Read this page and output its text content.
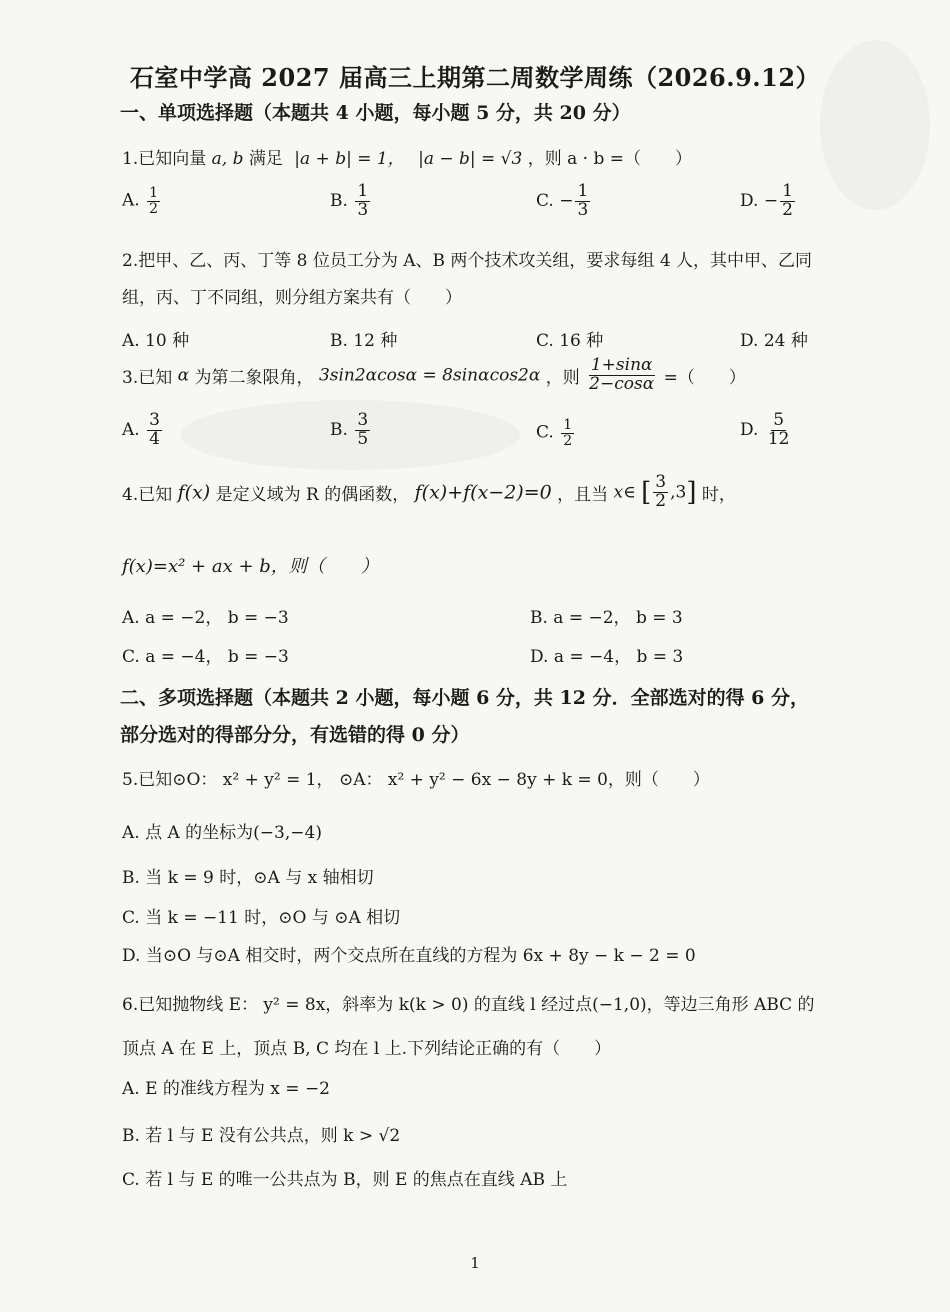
石室中学高 2027 届高三上期第二周数学周练（2026.9.12）
一、单项选择题（本题共 4 小题，每小题 5 分，共 20 分）
1.已知向量 a, b 满足 |a + b| = 1， |a − b| = √3 ，则 a · b =（　　）
A. $\frac{1}{2}$	B. $\frac{1}{3}$	C. − $\frac{1}{3}$	D. − $\frac{1}{2}$
2.把甲、乙、丙、丁等 8 位员工分为 A、B 两个技术攻关组，要求每组 4 人，其中甲、乙同
组，丙、丁不同组，则分组方案共有（　　）
A. 10 种	B. 12 种	C. 16 种	D. 24 种
3.已知 α 为第二象限角， 3sin2αcosα = 8sinαcos2α ，则 $\frac{1+\sin\alpha}{2-\cos\alpha}$ =（　　）
A. $\frac{3}{4}$	B. $\frac{3}{5}$	C. $\frac{1}{2}$	D. $\frac{5}{12}$
4.已知 f(x) 是定义域为 R 的偶函数， f(x)+f(x−2)=0 ，且当 x∈ [ $\frac{3}{2} ,3$] 时，
f(x)=x² + ax + b，则（　　）
A. a = −2， b = −3	B. a = −2， b = 3
C. a = −4， b = −3	D. a = −4， b = 3
二、多项选择题（本题共 2 小题，每小题 6 分，共 12 分．全部选对的得 6 分，
部分选对的得部分分，有选错的得 0 分）
5.已知⊙O： x² + y² = 1， ⊙A： x² + y² − 6x − 8y + k = 0，则（　　）
A. 点 A 的坐标为(−3,−4)
B. 当 k = 9 时，⊙A 与 x 轴相切
C. 当 k = −11 时，⊙O 与 ⊙A 相切
D. 当⊙O 与⊙A 相交时，两个交点所在直线的方程为 6x + 8y − k − 2 = 0
6.已知抛物线 E： y² = 8x，斜率为 k(k > 0) 的直线 l 经过点(−1,0)，等边三角形 ABC 的
顶点 A 在 E 上，顶点 B, C 均在 l 上.下列结论正确的有（　　）
A. E 的准线方程为 x = −2
B. 若 l 与 E 没有公共点，则 k > √2
C. 若 l 与 E 的唯一公共点为 B，则 E 的焦点在直线 AB 上
1
